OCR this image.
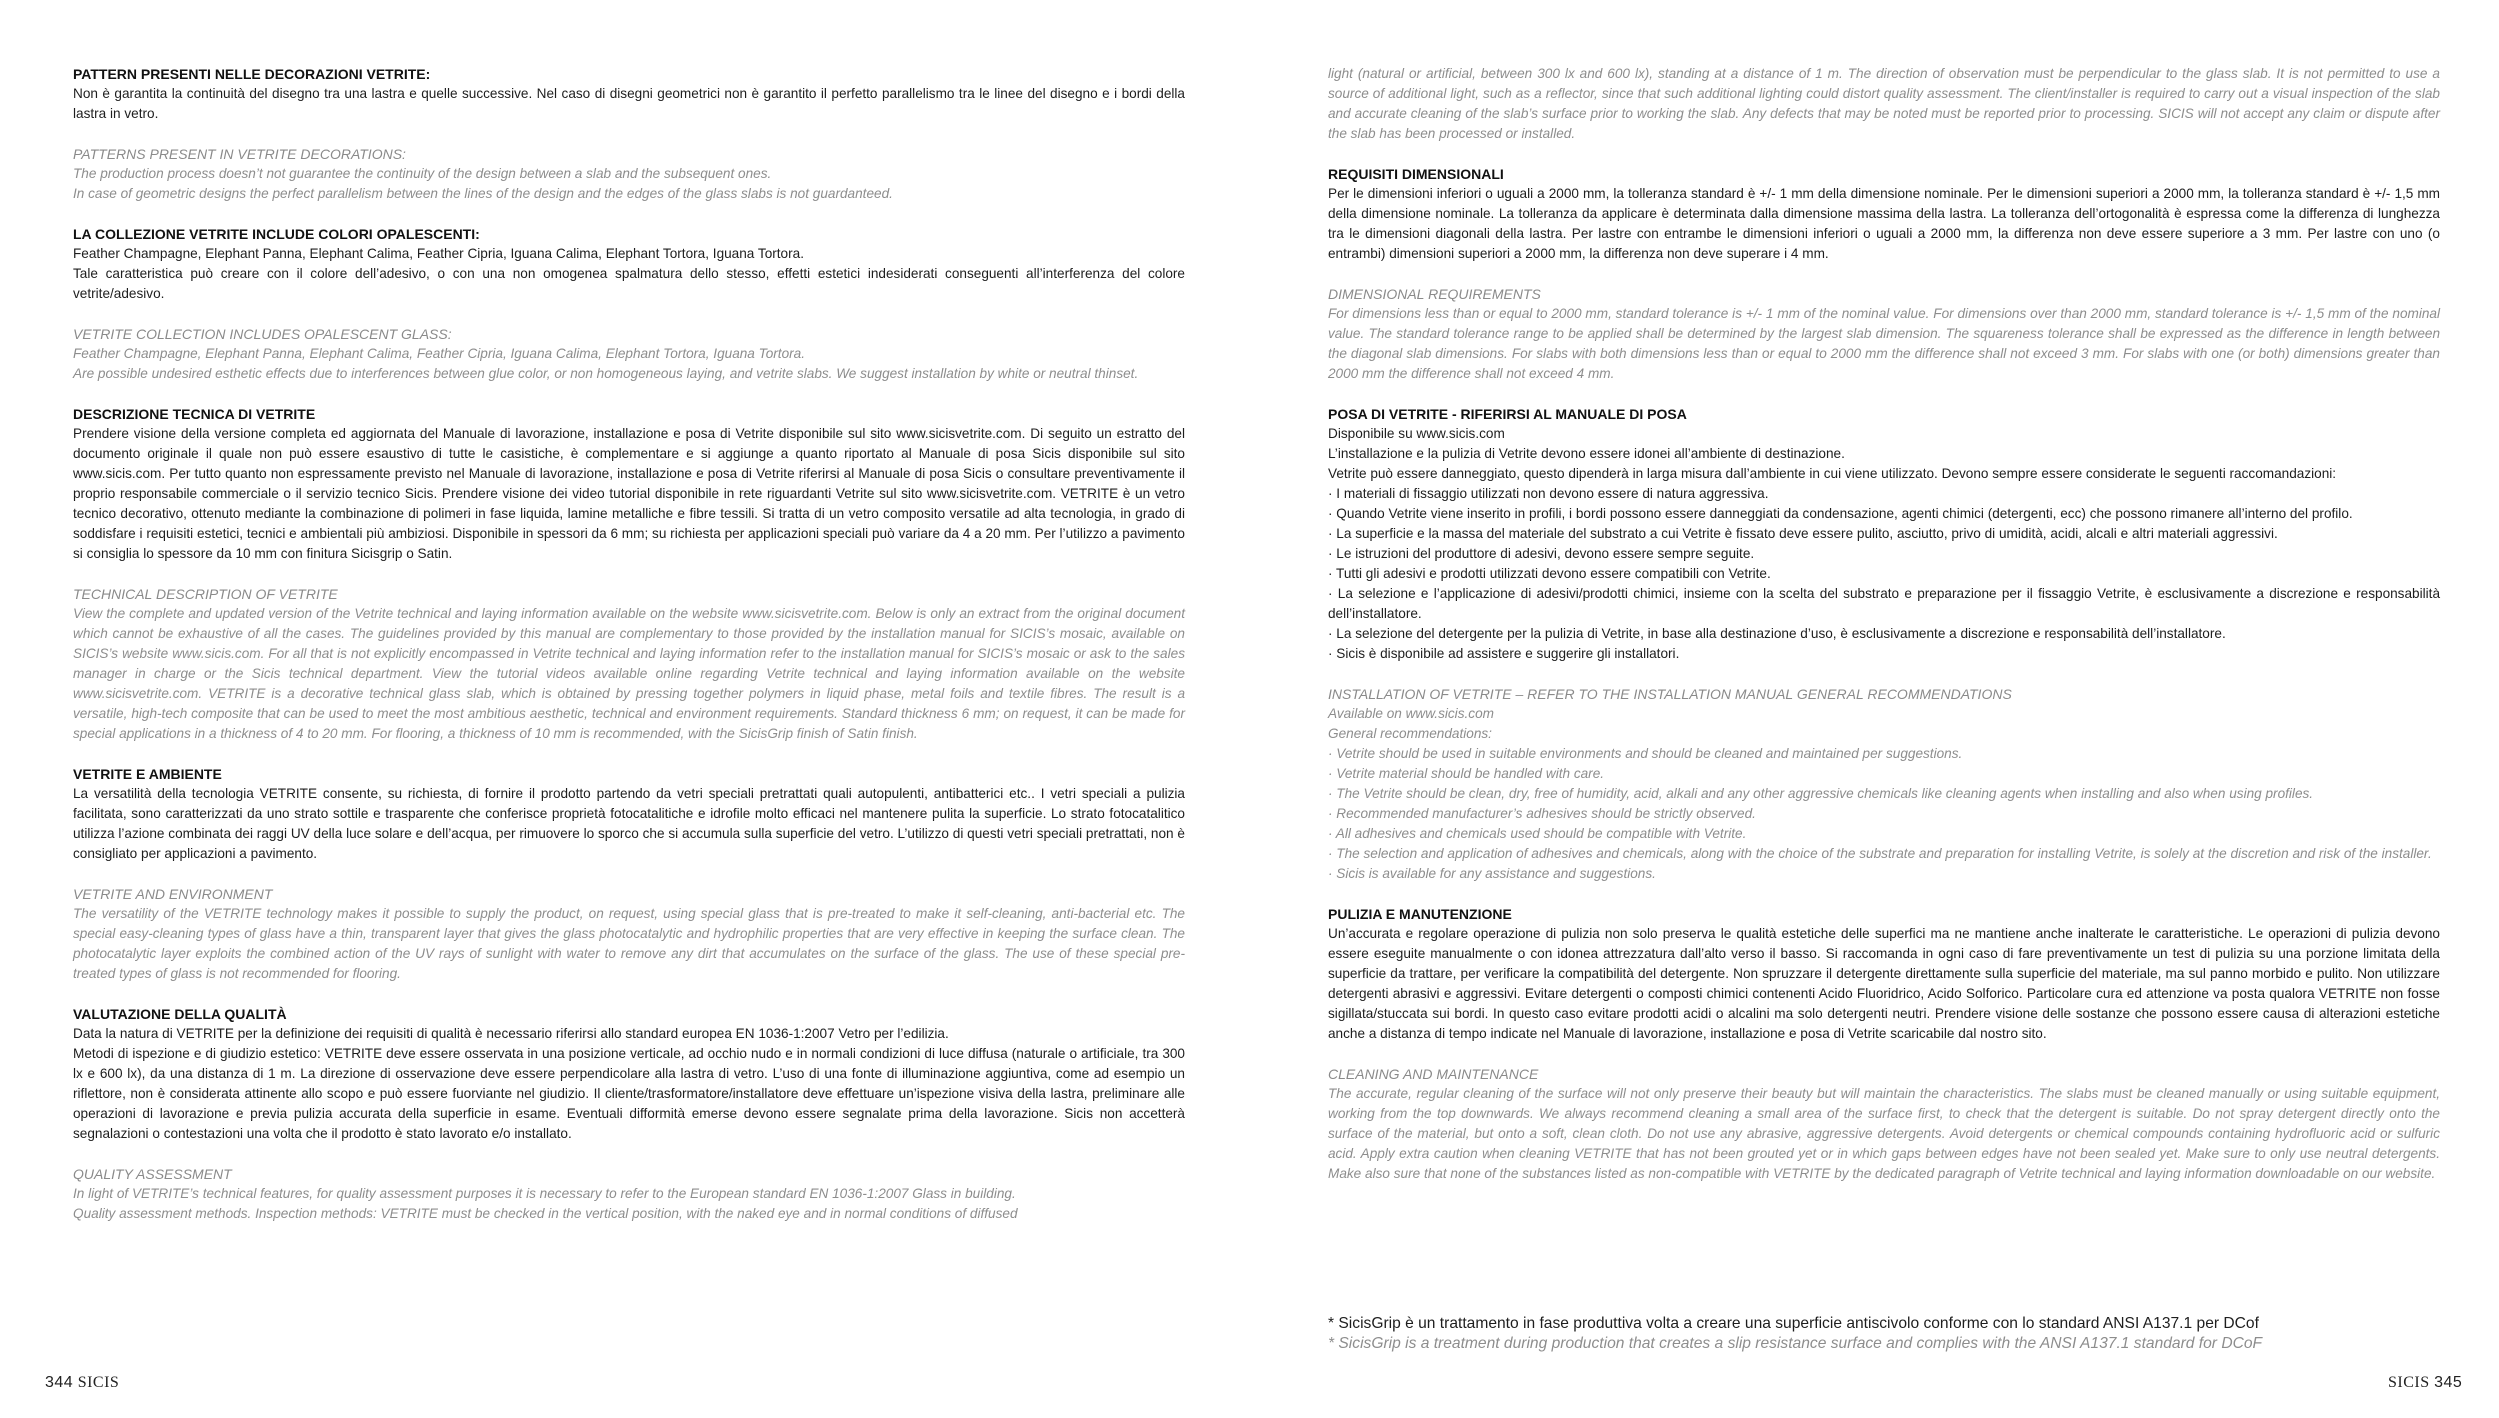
PATTERN PRESENTI NELLE DECORAZIONI VETRITE:

Non è garantita la continuità del disegno tra una lastra e quelle successive. Nel caso di disegni geometrici non è garantito il perfetto parallelismo tra le linee del disegno e i bordi della lastra in vetro.

PATTERNS PRESENT IN VETRITE DECORATIONS:

The production process doesn’t not guarantee the continuity of the design between a slab and the subsequent ones.

In case of geometric designs the perfect parallelism between the lines of the design and the edges of the glass slabs is not guardanteed.

LA COLLEZIONE VETRITE INCLUDE COLORI OPALESCENTI:

Feather Champagne, Elephant Panna, Elephant Calima, Feather Cipria, Iguana Calima, Elephant Tortora, Iguana Tortora.

Tale caratteristica può creare con il colore dell’adesivo, o con una non omogenea spalmatura dello stesso, effetti estetici indesiderati conseguenti all’interferenza del colore vetrite/adesivo.

VETRITE COLLECTION INCLUDES OPALESCENT GLASS:

Feather Champagne, Elephant Panna, Elephant Calima, Feather Cipria, Iguana Calima, Elephant Tortora, Iguana Tortora.

Are possible undesired esthetic effects due to interferences between glue color, or non homogeneous laying, and vetrite slabs. We suggest installation by white or neutral thinset.

DESCRIZIONE TECNICA DI VETRITE

Prendere visione della versione completa ed aggiornata del Manuale di lavorazione, installazione e posa di Vetrite disponibile sul sito www.sicisvetrite.com. Di seguito un estratto del documento originale il quale non può essere esaustivo di tutte le casistiche, è complementare e si aggiunge a quanto riportato al Manuale di posa Sicis disponibile sul sito www.sicis.com. Per tutto quanto non espressamente previsto nel Manuale di lavorazione, installazione e posa di Vetrite riferirsi al Manuale di posa Sicis o consultare preventivamente il proprio responsabile commerciale o il servizio tecnico Sicis. Prendere visione dei video tutorial disponibile in rete riguardanti Vetrite sul sito www.sicisvetrite.com. VETRITE è un vetro tecnico decorativo, ottenuto mediante la combinazione di polimeri in fase liquida, lamine metalliche e fibre tessili. Si tratta di un vetro composito versatile ad alta tecnologia, in grado di soddisfare i requisiti estetici, tecnici e ambientali più ambiziosi. Disponibile in spessori da 6 mm; su richiesta per applicazioni speciali può variare da 4 a 20 mm. Per l’utilizzo a pavimento si consiglia lo spessore da 10 mm con finitura Sicisgrip o Satin.

TECHNICAL DESCRIPTION OF VETRITE

View the complete and updated version of the Vetrite technical and laying information available on the website www.sicisvetrite.com. Below is only an extract from the original document which cannot be exhaustive of all the cases. The guidelines provided by this manual are complementary to those provided by the installation manual for SICIS’s mosaic, available on SICIS’s website www.sicis.com. For all that is not explicitly encompassed in Vetrite technical and laying information refer to the installation manual for SICIS’s mosaic or ask to the sales manager in charge or the Sicis technical department. View the tutorial videos available online regarding Vetrite technical and laying information available on the website www.sicisvetrite.com. VETRITE is a decorative technical glass slab, which is obtained by pressing together polymers in liquid phase, metal foils and textile fibres. The result is a versatile, high-tech composite that can be used to meet the most ambitious aesthetic, technical and environment requirements. Standard thickness 6 mm; on request, it can be made for special applications in a thickness of 4 to 20 mm. For flooring, a thickness of 10 mm is recommended, with the SicisGrip finish of Satin finish.

VETRITE E AMBIENTE

La versatilità della tecnologia VETRITE consente, su richiesta, di fornire il prodotto partendo da vetri speciali pretrattati quali autopulenti, antibatterici etc.. I vetri speciali a pulizia facilitata, sono caratterizzati da uno strato sottile e trasparente che conferisce proprietà fotocatalitiche e idrofile molto efficaci nel mantenere pulita la superficie. Lo strato fotocatalitico utilizza l’azione combinata dei raggi UV della luce solare e dell’acqua, per rimuovere lo sporco che si accumula sulla superficie del vetro. L’utilizzo di questi vetri speciali pretrattati, non è consigliato per applicazioni a pavimento.

VETRITE AND ENVIRONMENT

The versatility of the VETRITE technology makes it possible to supply the product, on request, using special glass that is pre-treated to make it self-cleaning, anti-bacterial etc. The special easy-cleaning types of glass have a thin, transparent layer that gives the glass photocatalytic and hydrophilic properties that are very effective in keeping the surface clean. The photocatalytic layer exploits the combined action of the UV rays of sunlight with water to remove any dirt that accumulates on the surface of the glass. The use of these special pre-treated types of glass is not recommended for flooring.

VALUTAZIONE DELLA QUALITÀ

Data la natura di VETRITE per la definizione dei requisiti di qualità è necessario riferirsi allo standard europea EN 1036-1:2007 Vetro per l’edilizia.

Metodi di ispezione e di giudizio estetico: VETRITE deve essere osservata in una posizione verticale, ad occhio nudo e in normali condizioni di luce diffusa (naturale o artificiale, tra 300 lx e 600 lx), da una distanza di 1 m. La direzione di osservazione deve essere perpendicolare alla lastra di vetro. L’uso di una fonte di illuminazione aggiuntiva, come ad esempio un riflettore, non è considerata attinente allo scopo e può essere fuorviante nel giudizio. Il cliente/trasformatore/installatore deve effettuare un’ispezione visiva della lastra, preliminare alle operazioni di lavorazione e previa pulizia accurata della superficie in esame. Eventuali difformità emerse devono essere segnalate prima della lavorazione. Sicis non accetterà segnalazioni o contestazioni una volta che il prodotto è stato lavorato e/o installato.

QUALITY ASSESSMENT

In light of VETRITE’s technical features, for quality assessment purposes it is necessary to refer to the European standard EN 1036-1:2007 Glass in building.

Quality assessment methods. Inspection methods: VETRITE must be checked in the vertical position, with the naked eye and in normal conditions of diffused

light (natural or artificial, between 300 lx and 600 lx), standing at a distance of 1 m. The direction of observation must be perpendicular to the glass slab. It is not permitted to use a source of additional light, such as a reflector, since that such additional lighting could distort quality assessment. The client/installer is required to carry out a visual inspection of the slab and accurate cleaning of the slab’s surface prior to working the slab. Any defects that may be noted must be reported prior to processing. SICIS will not accept any claim or dispute after the slab has been processed or installed.

REQUISITI DIMENSIONALI

Per le dimensioni inferiori o uguali a 2000 mm, la tolleranza standard è +/- 1 mm della dimensione nominale. Per le dimensioni superiori a 2000 mm, la tolleranza standard è +/- 1,5 mm della dimensione nominale. La tolleranza da applicare è determinata dalla dimensione massima della lastra. La tolleranza dell’ortogonalità è espressa come la differenza di lunghezza tra le dimensioni diagonali della lastra. Per lastre con entrambe le dimensioni inferiori o uguali a 2000 mm, la differenza non deve essere superiore a 3 mm. Per lastre con uno (o entrambi) dimensioni superiori a 2000 mm, la differenza non deve superare i 4 mm.

DIMENSIONAL REQUIREMENTS

For dimensions less than or equal to 2000 mm, standard tolerance is +/- 1 mm of the nominal value. For dimensions over than 2000 mm, standard tolerance is +/- 1,5 mm of the nominal value. The standard tolerance range to be applied shall be determined by the largest slab dimension. The squareness tolerance shall be expressed as the difference in length between the diagonal slab dimensions. For slabs with both dimensions less than or equal to 2000 mm the difference shall not exceed 3 mm. For slabs with one (or both) dimensions greater than 2000 mm the difference shall not exceed 4 mm.

POSA DI VETRITE - RIFERIRSI AL MANUALE DI POSA

Disponibile su www.sicis.com

L’installazione e la pulizia di Vetrite devono essere idonei all’ambiente di destinazione.

Vetrite può essere danneggiato, questo dipenderà in larga misura dall’ambiente in cui viene utilizzato. Devono sempre essere considerate le seguenti raccomandazioni:

· I materiali di fissaggio utilizzati non devono essere di natura aggressiva.
· Quando Vetrite viene inserito in profili, i bordi possono essere danneggiati da condensazione, agenti chimici (detergenti, ecc) che possono rimanere all’interno del profilo.
· La superficie e la massa del materiale del substrato a cui Vetrite è fissato deve essere pulito, asciutto, privo di umidità, acidi, alcali e altri materiali aggressivi.
· Le istruzioni del produttore di adesivi, devono essere sempre seguite.
· Tutti gli adesivi e prodotti utilizzati devono essere compatibili con Vetrite.
· La selezione e l’applicazione di adesivi/prodotti chimici, insieme con la scelta del substrato e preparazione per il fissaggio Vetrite, è esclusivamente a discrezione e responsabilità dell’installatore.
· La selezione del detergente per la pulizia di Vetrite, in base alla destinazione d’uso, è esclusivamente a discrezione e responsabilità dell’installatore.
· Sicis è disponibile ad assistere e suggerire gli installatori.
INSTALLATION OF VETRITE – REFER TO THE INSTALLATION MANUAL GENERAL RECOMMENDATIONS

Available on www.sicis.com

General recommendations:

· Vetrite should be used in suitable environments and should be cleaned and maintained per suggestions.
· Vetrite material should be handled with care.
· The Vetrite should be clean, dry, free of humidity, acid, alkali and any other aggressive chemicals like cleaning agents when installing and also when using profiles.
· Recommended manufacturer’s adhesives should be strictly observed.
· All adhesives and chemicals used should be compatible with Vetrite.
· The selection and application of adhesives and chemicals, along with the choice of the substrate and preparation for installing Vetrite, is solely at the discretion and risk of the installer.
· Sicis is available for any assistance and suggestions.
PULIZIA E MANUTENZIONE

Un’accurata e regolare operazione di pulizia non solo preserva le qualità estetiche delle superfici ma ne mantiene anche inalterate le caratteristiche. Le operazioni di pulizia devono essere eseguite manualmente o con idonea attrezzatura dall’alto verso il basso. Si raccomanda in ogni caso di fare preventivamente un test di pulizia su una porzione limitata della superficie da trattare, per verificare la compatibilità del detergente. Non spruzzare il detergente direttamente sulla superficie del materiale, ma sul panno morbido e pulito. Non utilizzare detergenti abrasivi e aggressivi. Evitare detergenti o composti chimici contenenti Acido Fluoridrico, Acido Solforico. Particolare cura ed attenzione va posta qualora VETRITE non fosse sigillata/stuccata sui bordi. In questo caso evitare prodotti acidi o alcalini ma solo detergenti neutri. Prendere visione delle sostanze che possono essere causa di alterazioni estetiche anche a distanza di tempo indicate nel Manuale di lavorazione, installazione e posa di Vetrite scaricabile dal nostro sito.

CLEANING AND MAINTENANCE

The accurate, regular cleaning of the surface will not only preserve their beauty but will maintain the characteristics. The slabs must be cleaned manually or using suitable equipment, working from the top downwards. We always recommend cleaning a small area of the surface first, to check that the detergent is suitable. Do not spray detergent directly onto the surface of the material, but onto a soft, clean cloth. Do not use any abrasive, aggressive detergents. Avoid detergents or chemical compounds containing hydrofluoric acid or sulfuric acid. Apply extra caution when cleaning VETRITE that has not been grouted yet or in which gaps between edges have not been sealed yet. Make sure to only use neutral detergents. Make also sure that none of the substances listed as non-compatible with VETRITE by the dedicated paragraph of Vetrite technical and laying information downloadable on our website.

* SicisGrip è un trattamento in fase produttiva volta a creare una superficie antiscivolo conforme con lo standard ANSI A137.1 per DCof

* SicisGrip is a treatment during production that creates a slip resistance surface and complies with the ANSI A137.1 standard for DCoF

344 SICIS	SICIS 345
